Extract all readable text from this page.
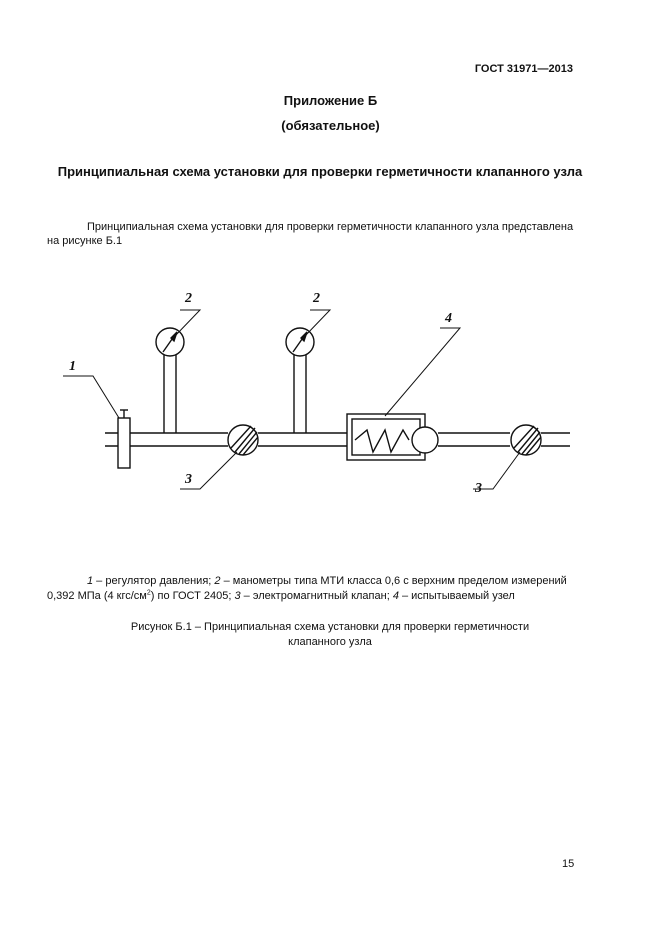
ГОСТ 31971—2013
Приложение Б
(обязательное)
Принципиальная схема установки для проверки герметичности клапанного узла
Принципиальная схема установки для проверки герметичности клапанного узла представлена на рисунке Б.1
1
2	2
4
3
3
1 – регулятор давления; 2 – манометры типа МТИ класса 0,6 с верхним пределом измерений 0,392 МПа (4 кгс/$см^2$) по ГОСТ 2405; 3 – электромагнитный клапан; 4 – испытываемый узел
Рисунок Б.1 – Принципиальная схема установки для проверки герметичности
клапанного узла
15
